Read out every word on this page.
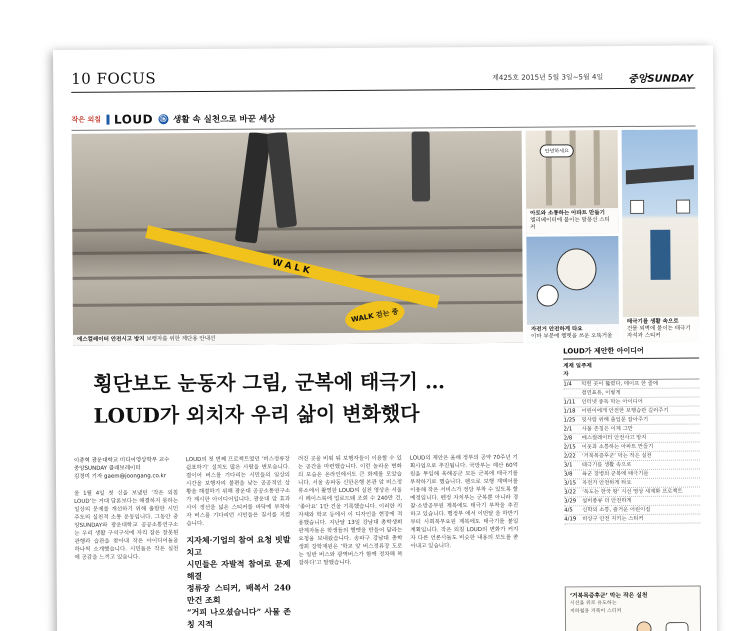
10 FOCUS	제425호 2015년 5월 3일~5월 4일 중앙SUNDAY
작은 외침 LOUD ⑯ 생활 속 실천으로 바꾼 세상
WALK
WALK 걷는 중
에스컬레이터 안전시고 방지 보행자를 위한 계단용 안내선
안녕하세요
아토와 소통하는 아파트 만들기
엘리베이터에 붙이는 말풍선 스티커
자전거 안전하게 타요
이마 부분에 헬멧을 쓰운 오뚝거울
태극기를 생활 속으로
건물 외벽에 붙이는 태극기 자석과 스티커
횡단보도 눈동자 그림, 군복에 태극기 …
LOUD가 외치자 우리 삶이 변화했다
이종혁 광운대학교 미디어영상학부 교수
중앙SUNDAY 클래보레이터
김경미 기자 gaem@joongang.co.kr
올 1월 4일 첫 신을 보냈던 ‘작은 외침 LOUD’는 거대 담론보다는 해결하지 못하는 일상의 문제를 개선하기 위해 출발한 시민 주도의 실천적 소통 운동입니다. 그동안 중앙SUNDAY와 광운대학교 공공소통연구소는 우리 생활 구석구석에 자리 잡은 잘못된 관행과 습관을 찾아내 작은 아이디어들을 하나씩 소개했습니다. 시민들은 작은 실천에 공감을 느끼고 있습니다.
LOUD의 첫 번째 프로젝트였던 ‘버스정류장 쉼표하기’ 설치도 많은 사람을 변모습니다. 결이어 버스를 기다리는 시민들의 일상의 시간을 보행자의 불편을 낮는 공공적인 상황을 해결하기 위해 광운대 공공소통연구소가 제시한 아이디어입니다. 광운대 앞 효과 사이 정선을 넓은 스티커를 바닥에 부착하자 버스를 기다리던 시민들은 질서를 지켰습니다.
지자체·기업의 참여 요청 빗발치고
시민들은 자발적 참여로 문제 해결
정류장 스티커, 배복서 240만건 조회
“거피 나오셨습니다” 사물 존칭 지적
려진 곳을 비워 둬 보행자들이 이용할 수 있는 공간을 마련했습니다. 이런 놀라운 변화의 모습은 온라인에서도 큰 화제를 모았습니다. 서울 송파동 신한은행 본관 앞 버스정류소에서 촬영한 LOUD의 실천 영상은 서울시 페이스북에 업로드돼 조회 수 240만 건, ‘좋아요’ 1만 건을 기록했습니다. 이러한 지자체와 학교 등에서 이 디자인을 현장에 적용했습니다. 지난달 13일 강남대 총학생회 관계자들은 학생들의 헬멧을 만들어 달라는 요청을 보내왔습니다. 송파구 강남대 총학생회 장학재원은 ‘학교 앞 버스정류장 도로는 일반 버스와 광역버스가 함께 정차해 복잡하다’고 말했습니다.
LOUD의 제안은 올해 정부의 공약 70주년 기획사업으로 추진됩니다. 국방부는 예산 60억원을 투입해 육해공군 모든 군복에 태극기를 부착하기로 했습니다. 펜으로 보행 계택어를 이용해 작은 서비스가 정당 부착 수 있도록 할 예정입니다. 펜정 자치부는 군복뿐 아니라 경찰·소방공무원 제복에도 태극기 부착을 추진하고 있습니다. 행정부 에서 이번달 을 하반기부터 사회복무요원 제복에도 태극기를 붙일 계획입니다. 작은 외침 LOUD의 변화가 커지자 다른 언론사들도 비슷한 내용의 보도를 쏟아내고 있습니다.
LOUD가 제안한 아이디어
게재 일자
주제
1/4	막힌 곳이 뚫렸다, 테이프 한 줄에
결연표유, 이렇게
1/11	인터넷 중독 막는 아이디어
1/18	어린이에게 안전한 보행습관 길러주기
1/25	뒷사람 위해 출입문 잡아주기
2/1	사물 존칭은 이제 그만
2/8	에스컬레이터 안전사고 방지
2/15	이웃과 소통하는 아파트 만들기
2/22	‘거북목증후군’ 막는 작은 실천
3/1	태극기를 생활 속으로
3/8	육군 장병의 군복에 태극기를
3/15	자전거 안전하게 타요
3/22	‘독도는 한국 땅’ 시선 영상 세계화 프로젝트
3/29	설비종류 더 안전하게
4/5	신학의 소통, 즐거운 어린이집
4/19	비상구 안전 지키는 스티커
‘거북목증후군’ 막는 작은 실천
시선을 위로 유도하는
지하철용 거북이 스티커
